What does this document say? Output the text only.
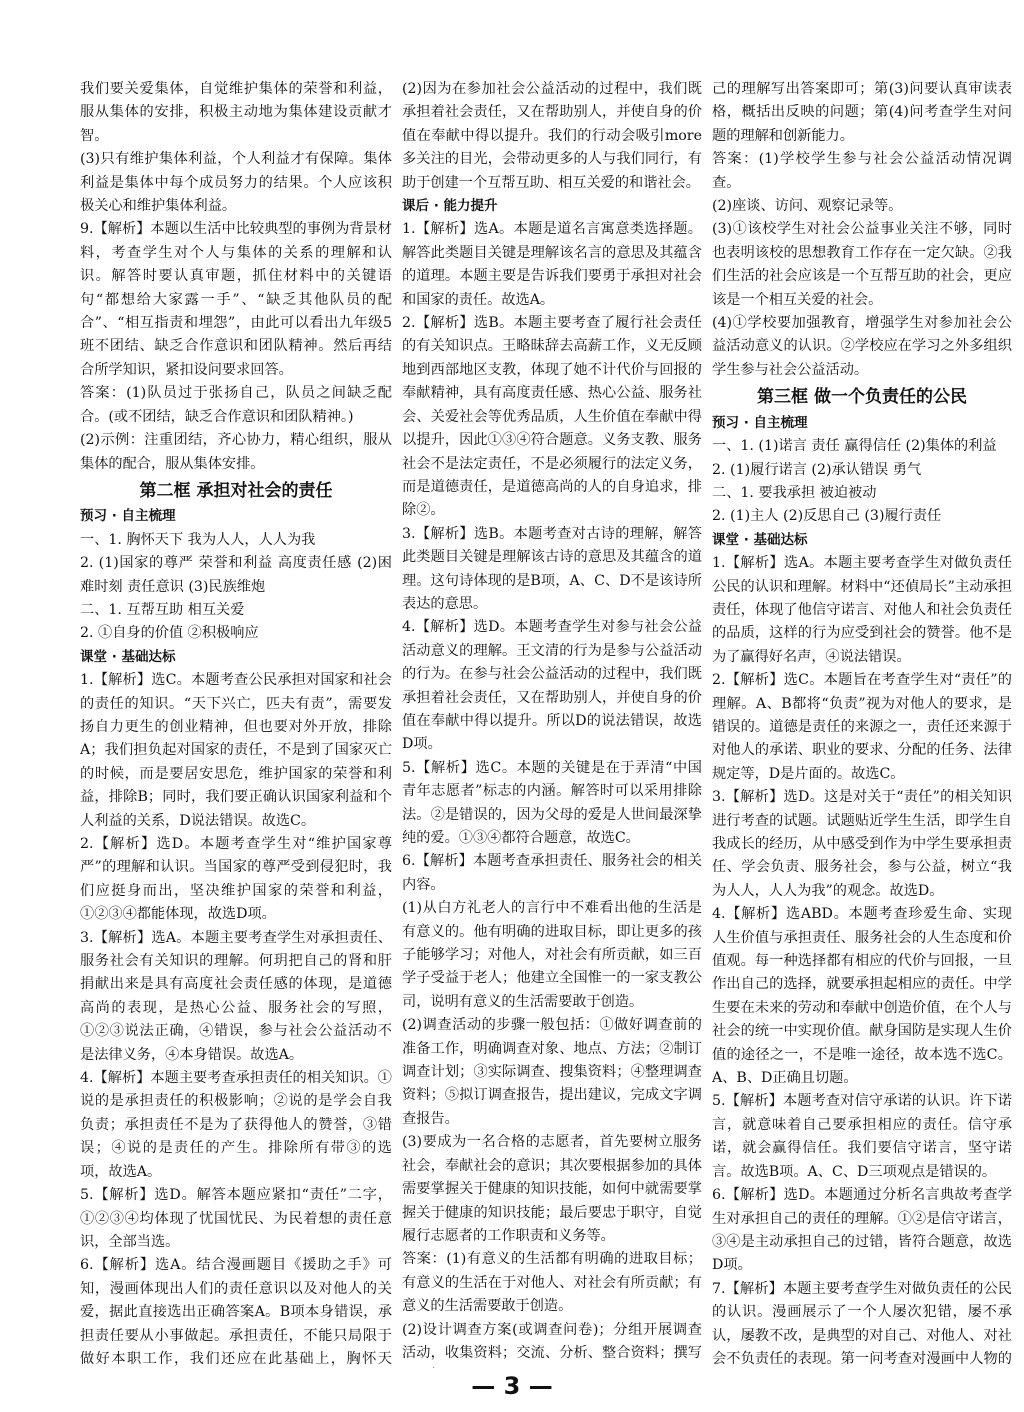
我们要关爱集体，自觉维护集体的荣誉和利益，服从集体的安排，积极主动地为集体建设贡献才智。

(3)只有维护集体利益，个人利益才有保障。集体利益是集体中每个成员努力的结果。个人应该积极关心和维护集体利益。

9.【解析】本题以生活中比较典型的事例为背景材料，考查学生对个人与集体的关系的理解和认识。解答时要认真审题，抓住材料中的关键语句“都想给大家露一手”、“缺乏其他队员的配合”、“相互指责和埋怨”，由此可以看出九年级5班不团结、缺乏合作意识和团队精神。然后再结合所学知识，紧扣设问要求回答。

答案：(1)队员过于张扬自己，队员之间缺乏配合。(或不团结，缺乏合作意识和团队精神。)

(2)示例：注重团结，齐心协力，精心组织，服从集体的配合，服从集体安排。

第二框 承担对社会的责任
预习 · 自主梳理

一、1. 胸怀天下 我为人人，人人为我
2. (1)国家的尊严 荣誉和利益 高度责任感 (2)困难时刻 责任意识 (3)民族维炮
二、1. 互帮互助 相互关爱
2. ①自身的价值 ②积极响应

课堂 · 基础达标

1.【解析】选C。本题考查公民承担对国家和社会的责任的知识。“天下兴亡，匹夫有责”，需要发扬自力更生的创业精神，但也要对外开放，排除A；我们担负起对国家的责任，不是到了国家灭亡的时候，而是要居安思危，维护国家的荣誉和利益，排除B；同时，我们要正确认识国家利益和个人利益的关系，D说法错误。故选C。

2.【解析】选D。本题考查学生对“维护国家尊严”的理解和认识。当国家的尊严受到侵犯时，我们应挺身而出，坚决维护国家的荣誉和利益，①②③④都能体现，故选D项。

3.【解析】选A。本题主要考查学生对承担责任、服务社会有关知识的理解。何玥把自己的肾和肝捐献出来是具有高度社会责任感的体现，是道德高尚的表现，是热心公益、服务社会的写照，①②③说法正确，④错误，参与社会公益活动不是法律义务，④本身错误。故选A。

4.【解析】本题主要考查承担责任的相关知识。①说的是承担责任的积极影响；②说的是学会自我负责；承担责任不是为了获得他人的赞誉，③错误；④说的是责任的产生。排除所有带③的选项，故选A。

5.【解析】选D。解答本题应紧扣“责任”二字，①②③④均体现了忧国忧民、为民着想的责任意识，全部当选。

6.【解析】选A。结合漫画题目《援助之手》可知，漫画体现出人们的责任意识以及对他人的关爱，据此直接选出正确答案A。B项本身错误，承担责任要从小事做起。承担责任，不能只局限于做好本职工作，我们还应在此基础上，胸怀天

(2)因为在参加社会公益活动的过程中，我们既承担着社会责任，又在帮助别人，并使自身的价值在奉献中得以提升。我们的行动会吸引more多关注的目光，会带动更多的人与我们同行，有助于创建一个互帮互助、相互关爱的和谐社会。

课后 · 能力提升

1.【解析】选A。本题是道名言寓意类选择题。解答此类题目关键是理解该名言的意思及其蕴含的道理。本题主要是告诉我们要勇于承担对社会和国家的责任。故选A。

2.【解析】选B。本题主要考查了履行社会责任的有关知识点。王略昧辞去高薪工作，义无反顾地到西部地区支教，体现了她不计代价与回报的奉献精神，具有高度责任感、热心公益、服务社会、关爱社会等优秀品质，人生价值在奉献中得以提升，因此①③④符合题意。义务支教、服务社会不是法定责任，不是必须履行的法定义务，而是道德责任，是道德高尚的人的自身追求，排除②。

3.【解析】选B。本题考查对古诗的理解，解答此类题目关键是理解该古诗的意思及其蕴含的道理。这句诗体现的是B项，A、C、D不是该诗所表达的意思。

4.【解析】选D。本题考查学生对参与社会公益活动意义的理解。王文清的行为是参与公益活动的行为。在参与社会公益活动的过程中，我们既承担着社会责任，又在帮助别人，并使自身的价值在奉献中得以提升。所以D的说法错误，故选D项。

5.【解析】选C。本题的关键是在于弄清“中国青年志愿者”标志的内涵。解答时可以采用排除法。②是错误的，因为父母的爱是人世间最深挚纯的爱。①③④都符合题意，故选C。

6.【解析】本题考查承担责任、服务社会的相关内容。
(1)从白方礼老人的言行中不难看出他的生活是有意义的。他有明确的进取目标，即让更多的孩子能够学习；对他人，对社会有所贡献，如三百学子受益于老人；他建立全国惟一的一家支教公司，说明有意义的生活需要敢于创造。
(2)调查活动的步骤一般包括：①做好调查前的准备工作，明确调查对象、地点、方法；②制订调查计划；③实际调查、搜集资料；④整理调查资料；⑤拟订调查报告，提出建议，完成文字调查报告。
(3)要成为一名合格的志愿者，首先要树立服务社会，奉献社会的意识；其次要根据参加的具体需要掌握关于健康的知识技能，如何中就需要掌握关于健康的知识技能；最后要忠于职守，自觉履行志愿者的工作职责和义务等。

答案：(1)有意义的生活都有明确的进取目标；有意义的生活在于对他人、对社会有所贡献；有意义的生活需要敢于创造。
(2)设计调查方案(或调查问卷)；分组开展调查活动，收集资料；交流、分析、整合资料；撰写

己的理解写出答案即可；第(3)问要认真审读表格，概括出反映的问题；第(4)问考查学生对问题的理解和创新能力。

答案：(1)学校学生参与社会公益活动情况调查。
(2)座谈、访问、观察记录等。
(3)①该校学生对社会公益事业关注不够，同时也表明该校的思想教育工作存在一定欠缺。②我们生活的社会应该是一个互帮互助的社会，更应该是一个相互关爱的社会。
(4)①学校要加强教育，增强学生对参加社会公益活动意义的认识。②学校应在学习之外多组织学生参与社会公益活动。

第三框 做一个负责任的公民
预习 · 自主梳理

一、1. (1)诺言 责任 赢得信任 (2)集体的利益
2. (1)履行诺言 (2)承认错误 勇气
二、1. 要我承担 被迫被动
2. (1)主人 (2)反思自己 (3)履行责任

课堂 · 基础达标

1.【解析】选A。本题主要考查学生对做负责任公民的认识和理解。材料中“还偵局长”主动承担责任，体现了他信守诺言、对他人和社会负责任的品质，这样的行为应受到社会的赞誉。他不是为了赢得好名声，④说法错误。

2.【解析】选C。本题旨在考查学生对“责任”的理解。A、B都将“负责”视为对他人的要求，是错误的。道德是责任的来源之一，责任还来源于对他人的承诺、职业的要求、分配的任务、法律规定等，D是片面的。故选C。

3.【解析】选D。这是对关于“责任”的相关知识进行考查的试题。试题贴近学生生活，即学生自我成长的经历，从中感受到作为中学生要承担责任、学会负责、服务社会，参与公益，树立“我为人人，人人为我”的观念。故选D。

4.【解析】选ABD。本题考查珍爱生命、实现人生价值与承担责任、服务社会的人生态度和价值观。每一种选择都有相应的代价与回报，一旦作出自己的选择，就要承担起相应的责任。中学生要在未来的劳动和奉献中创造价值，在个人与社会的统一中实现价值。献身国防是实现人生价值的途径之一，不是唯一途径，故本选不选C。A、B、D正确且切题。

5.【解析】本题考查对信守承诺的认识。许下诺言，就意味着自己要承担相应的责任。信守承诺，就会赢得信任。我们要信守诺言，坚守诺言。故选B项。A、C、D三项观点是错误的。

6.【解析】选D。本题通过分析名言典故考查学生对承担自己的责任的理解。①②是信守诺言，③④是主动承担自己的过错，皆符合题意，故选D项。

7.【解析】本题主要考查学生对做负责任的公民的认识。漫画展示了一个人屡次犯错，屡不承认，屡教不改，是典型的对自己、对他人、对社会不负责任的表现。第一问考查对漫画中人物的

— 3 —
